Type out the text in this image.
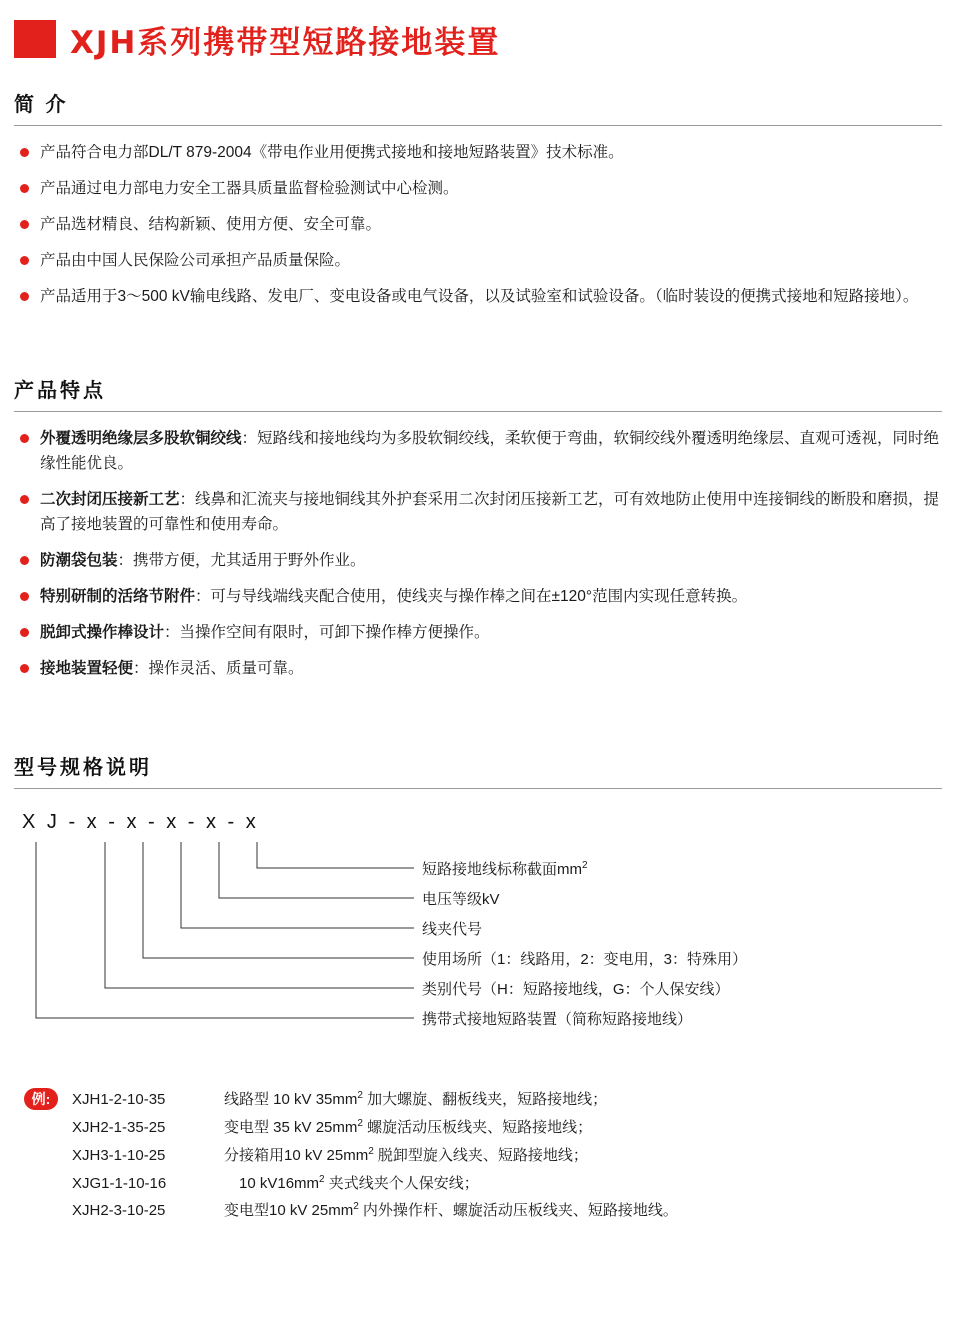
XJH系列携带型短路接地装置
简 介
产品符合电力部DL/T 879-2004《带电作业用便携式接地和接地短路装置》技术标准。
产品通过电力部电力安全工器具质量监督检验测试中心检测。
产品选材精良、结构新颖、使用方便、安全可靠。
产品由中国人民保险公司承担产品质量保险。
产品适用于3～500 kV输电线路、发电厂、变电设备或电气设备，以及试验室和试验设备。（临时装设的便携式接地和短路接地）。
产品特点
外覆透明绝缘层多股软铜绞线：短路线和接地线均为多股软铜绞线，柔软便于弯曲，软铜绞线外覆透明绝缘层、直观可透视，同时绝缘性能优良。
二次封闭压接新工艺：线鼻和汇流夹与接地铜线其外护套采用二次封闭压接新工艺，可有效地防止使用中连接铜线的断股和磨损，提高了接地装置的可靠性和使用寿命。
防潮袋包装：携带方便，尤其适用于野外作业。
特别研制的活络节附件：可与导线端线夹配合使用，使线夹与操作棒之间在±120°范围内实现任意转换。
脱卸式操作棒设计：当操作空间有限时，可卸下操作棒方便操作。
接地装置轻便：操作灵活、质量可靠。
型号规格说明
X J - x - x - x - x - x
短路接地线标称截面$mm^2$
电压等级kV
线夹代号
使用场所（1：线路用，2：变电用，3：特殊用）
类别代号（H：短路接地线，G：个人保安线）
携带式接地短路装置（简称短路接地线）
例:	XJH1-2-10-35	线路型 10 kV $35mm^2$ 加大螺旋、翻板线夹，短路接地线；
XJH2-1-35-25	变电型 35 kV $25mm^2$ 螺旋活动压板线夹、短路接地线；
XJH3-1-10-25	分接箱用10 kV $25mm^2$ 脱卸型旋入线夹、短路接地线；
XJG1-1-10-16	　10 $kV16mm^2$ 夹式线夹个人保安线；
XJH2-3-10-25	变电型10 kV $25mm^2$ 内外操作杆、螺旋活动压板线夹、短路接地线。
